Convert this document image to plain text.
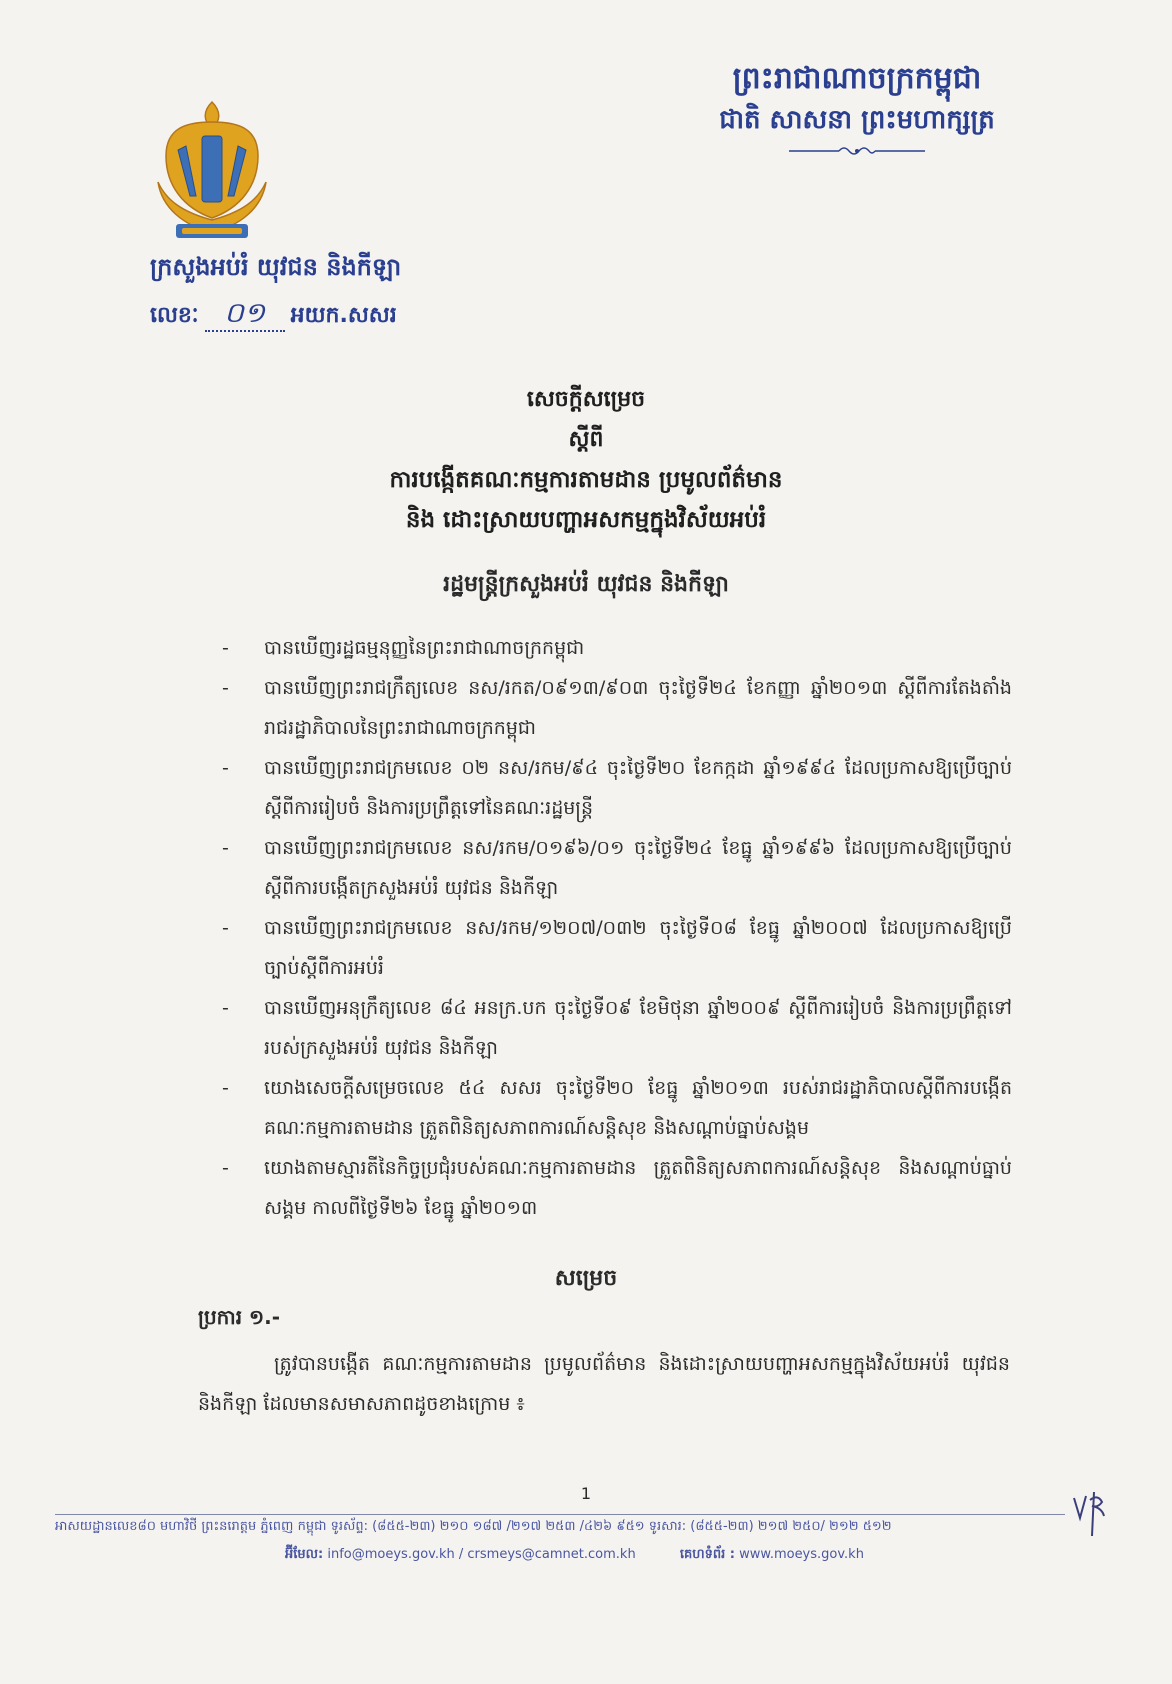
ព្រះរាជាណាចក្រកម្ពុជា
ជាតិ សាសនា ព្រះមហាក្សត្រ
ក្រសួងអប់រំ យុវជន និងកីឡា
លេខៈ ០១	អយក.សសរ
សេចក្តីសម្រេច
ស្តីពី
ការបង្កើតគណៈកម្មការតាមដាន ប្រមូលព័ត៌មាន
និង ដោះស្រាយបញ្ហាអសកម្មក្នុងវិស័យអប់រំ
រដ្ឋមន្រ្តីក្រសួងអប់រំ យុវជន និងកីឡា
- បានឃើញរដ្ឋធម្មនុញ្ញនៃព្រះរាជាណាចក្រកម្ពុជា
- បានឃើញព្រះរាជក្រឹត្យលេខ នស/រកត/០៩១៣/៩០៣ ចុះថ្ងៃទី២៤ ខែកញ្ញា ឆ្នាំ២០១៣ ស្តីពីការតែងតាំងរាជរដ្ឋាភិបាលនៃព្រះរាជាណាចក្រកម្ពុជា
- បានឃើញព្រះរាជក្រមលេខ ០២ នស/រកម/៩៤ ចុះថ្ងៃទី២០ ខែកក្កដា ឆ្នាំ១៩៩៤ ដែលប្រកាសឱ្យប្រើច្បាប់ស្តីពីការរៀបចំ និងការប្រព្រឹត្តទៅនៃគណៈរដ្ឋមន្រ្តី
- បានឃើញព្រះរាជក្រមលេខ នស/រកម/០១៩៦/០១ ចុះថ្ងៃទី២៤ ខែធ្នូ ឆ្នាំ១៩៩៦ ដែលប្រកាសឱ្យប្រើច្បាប់ស្តីពីការបង្កើតក្រសួងអប់រំ យុវជន និងកីឡា
- បានឃើញព្រះរាជក្រមលេខ នស/រកម/១២០៧/០៣២ ចុះថ្ងៃទី០៨ ខែធ្នូ ឆ្នាំ២០០៧ ដែលប្រកាសឱ្យប្រើច្បាប់ស្តីពីការអប់រំ
- បានឃើញអនុក្រឹត្យលេខ ៨៤ អនក្រ.បក ចុះថ្ងៃទី០៩ ខែមិថុនា ឆ្នាំ២០០៩ ស្តីពីការរៀបចំ និងការប្រព្រឹត្តទៅរបស់ក្រសួងអប់រំ យុវជន និងកីឡា
- យោងសេចក្តីសម្រេចលេខ ៥៤ សសរ ចុះថ្ងៃទី២០ ខែធ្នូ ឆ្នាំ២០១៣ របស់រាជរដ្ឋាភិបាលស្តីពីការបង្កើតគណៈកម្មការតាមដាន ត្រួតពិនិត្យសភាពការណ៍សន្តិសុខ និងសណ្តាប់ធ្នាប់សង្គម
- យោងតាមស្មារតីនៃកិច្ចប្រជុំរបស់គណៈកម្មការតាមដាន ត្រួតពិនិត្យសភាពការណ៍សន្តិសុខ និងសណ្តាប់ធ្នាប់សង្គម កាលពីថ្ងៃទី២៦ ខែធ្នូ ឆ្នាំ២០១៣
សម្រេច
ប្រការ ១.-
ត្រូវបានបង្កើត គណៈកម្មការតាមដាន ប្រមូលព័ត៌មាន និងដោះស្រាយបញ្ហាអសកម្មក្នុងវិស័យអប់រំ យុវជន និងកីឡា ដែលមានសមាសភាពដូចខាងក្រោម ៖
1
អាសយដ្ឋានលេខ៨០ មហាវិថី ព្រះនរោត្តម ភ្នំពេញ កម្ពុជា ទូរស័ព្ទ: (៨៥៥-២៣) ២១០ ១៨៧ /២១៧ ២៥៣ /៤២៦ ៩៥១ ទូរសារ: (៨៥៥-២៣) ២១៧ ២៥០/ ២១២ ៥១២
អ៊ីមែល: info@moeys.gov.kh / crsmeys@camnet.com.kh	គេហទំព័រ : www.moeys.gov.kh
